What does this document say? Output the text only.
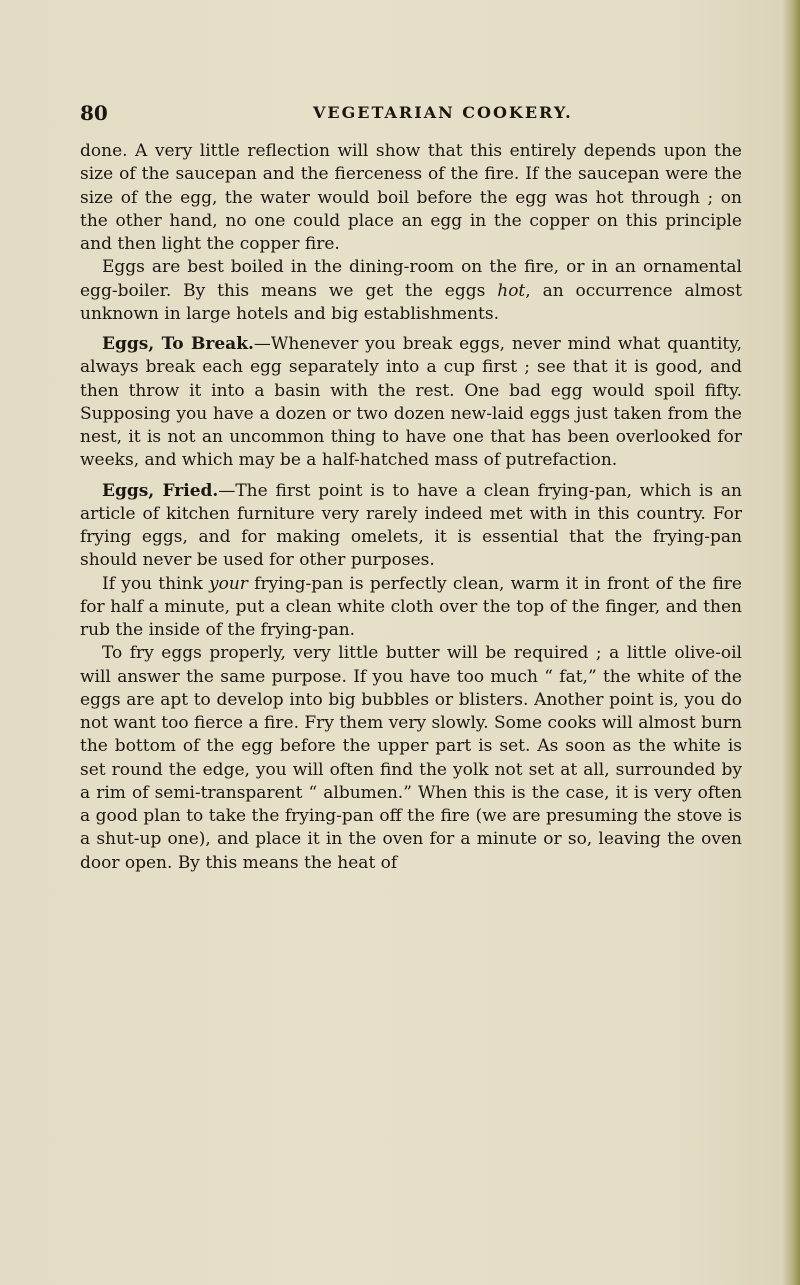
80	VEGETARIAN COOKERY.

done. A very little reflection will show that this entirely depends upon the size of the saucepan and the fierceness of the fire. If the saucepan were the size of the egg, the water would boil before the egg was hot through ; on the other hand, no one could place an egg in the copper on this principle and then light the copper fire.

Eggs are best boiled in the dining-room on the fire, or in an ornamental egg-boiler. By this means we get the eggs hot, an occurrence almost unknown in large hotels and big establishments.

Eggs, To Break.—Whenever you break eggs, never mind what quantity, always break each egg separately into a cup first ; see that it is good, and then throw it into a basin with the rest. One bad egg would spoil fifty. Supposing you have a dozen or two dozen new-laid eggs just taken from the nest, it is not an uncommon thing to have one that has been overlooked for weeks, and which may be a half-hatched mass of putrefaction.

Eggs, Fried.—The first point is to have a clean frying-pan, which is an article of kitchen furniture very rarely indeed met with in this country. For frying eggs, and for making omelets, it is essential that the frying-pan should never be used for other purposes.

If you think your frying-pan is perfectly clean, warm it in front of the fire for half a minute, put a clean white cloth over the top of the finger, and then rub the inside of the frying-pan.

To fry eggs properly, very little butter will be required ; a little olive-oil will answer the same purpose. If you have too much “ fat,” the white of the eggs are apt to develop into big bubbles or blisters. Another point is, you do not want too fierce a fire. Fry them very slowly. Some cooks will almost burn the bottom of the egg before the upper part is set. As soon as the white is set round the edge, you will often find the yolk not set at all, surrounded by a rim of semi-transparent “ albumen.” When this is the case, it is very often a good plan to take the frying-pan off the fire (we are presuming the stove is a shut-up one), and place it in the oven for a minute or so, leaving the oven door open. By this means the heat of
